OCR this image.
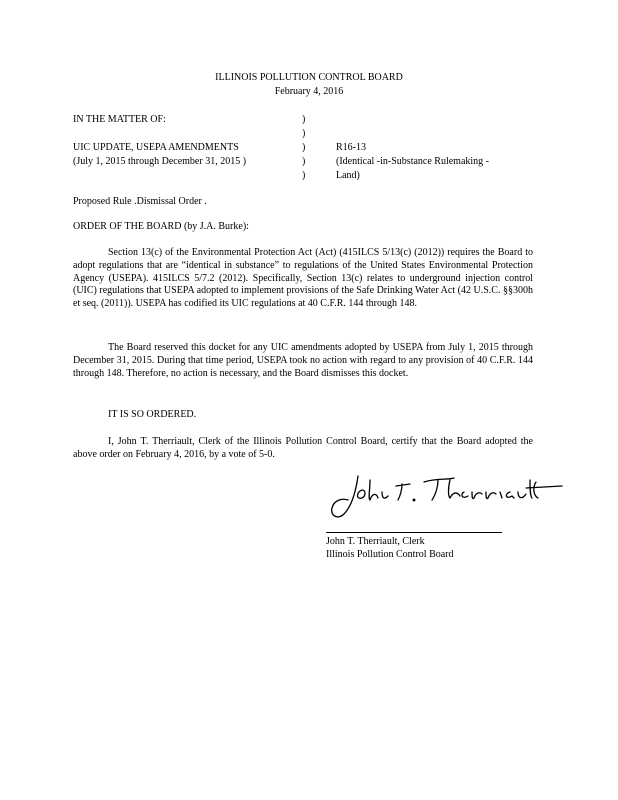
ILLINOIS POLLUTION CONTROL BOARD
February 4, 2016
IN THE MATTER OF:
UIC UPDATE, USEPA AMENDMENTS
(July 1, 2015 through December 31, 2015 )
)
)
)
)
)
R16-13
(Identical -in-Substance Rulemaking -
Land)
Proposed Rule .Dismissal Order .
ORDER OF THE BOARD (by J.A. Burke):

Section 13(c) of the Environmental Protection Act (Act) (415ILCS 5/13(c) (2012)) requires the Board to adopt regulations that are “identical in substance” to regulations of the United States Environmental Protection Agency (USEPA). 415ILCS 5/7.2 (2012). Specifically, Section 13(c) relates to underground injection control (UIC) regulations that USEPA adopted to implement provisions of the Safe Drinking Water Act (42 U.S.C. §§300h et seq. (2011)). USEPA has codified its UIC regulations at 40 C.F.R. 144 through 148.

The Board reserved this docket for any UIC amendments adopted by USEPA from July 1, 2015 through December 31, 2015. During that time period, USEPA took no action with regard to any provision of 40 C.F.R. 144 through 148. Therefore, no action is necessary, and the Board dismisses this docket.

IT IS SO ORDERED.

I, John T. Therriault, Clerk of the Illinois Pollution Control Board, certify that the Board adopted the above order on February 4, 2016, by a vote of 5-0.

John T. Therriault
John T. Therriault, Clerk
Illinois Pollution Control Board
